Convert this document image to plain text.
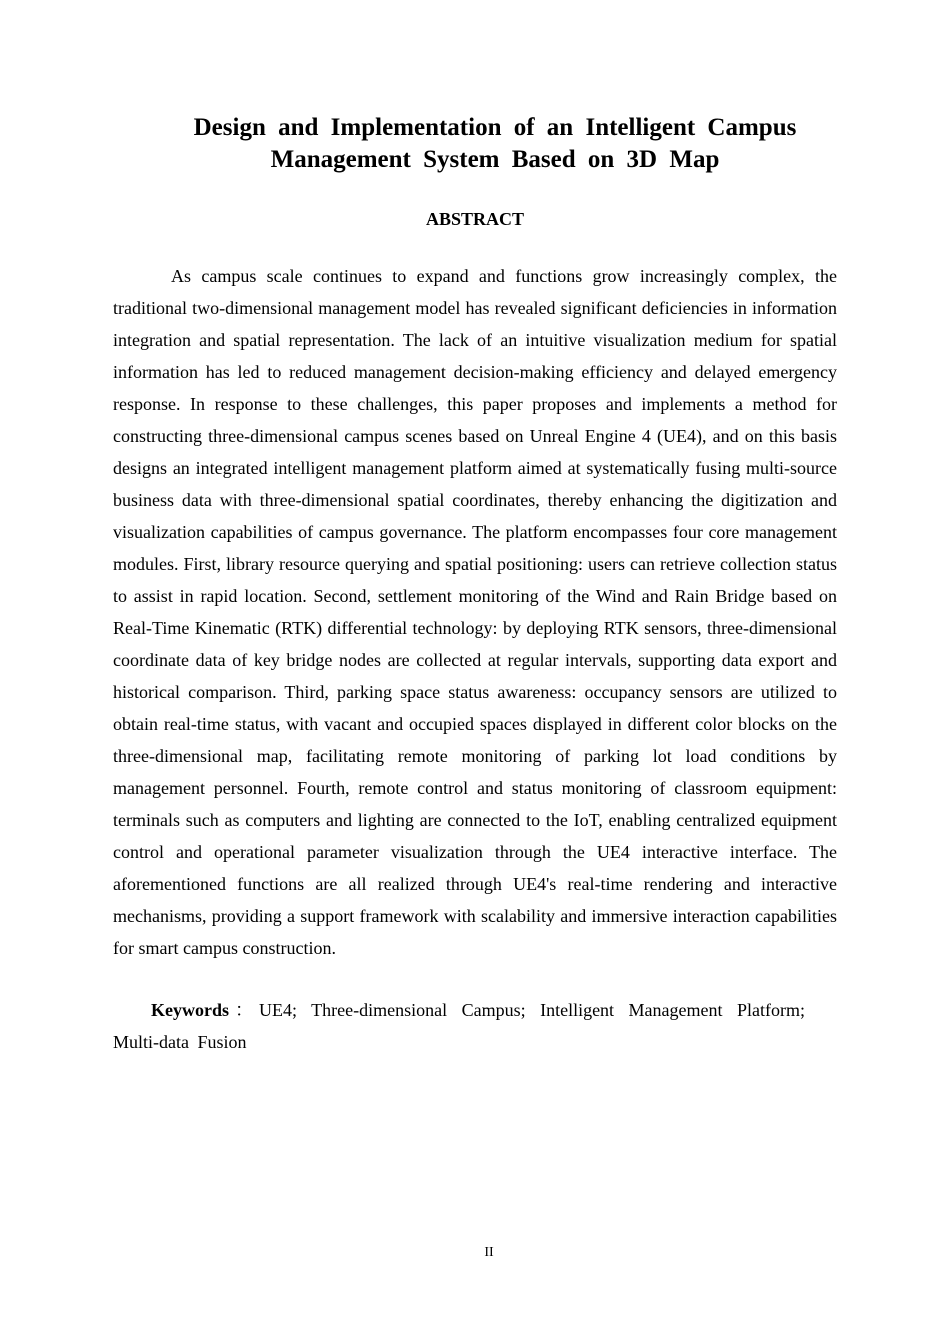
Design and Implementation of an Intelligent Campus
Management System Based on 3D Map
ABSTRACT

As campus scale continues to expand and functions grow increasingly complex, the traditional two-dimensional management model has revealed significant deficiencies in information integration and spatial representation. The lack of an intuitive visualization medium for spatial information has led to reduced management decision-making efficiency and delayed emergency response. In response to these challenges, this paper proposes and implements a method for constructing three-dimensional campus scenes based on Unreal Engine 4 (UE4), and on this basis designs an integrated intelligent management platform aimed at systematically fusing multi-source business data with three-dimensional spatial coordinates, thereby enhancing the digitization and visualization capabilities of campus governance. The platform encompasses four core management modules. First, library resource querying and spatial positioning: users can retrieve collection status to assist in rapid location. Second, settlement monitoring of the Wind and Rain Bridge based on Real-Time Kinematic (RTK) differential technology: by deploying RTK sensors, three-dimensional coordinate data of key bridge nodes are collected at regular intervals, supporting data export and historical comparison. Third, parking space status awareness: occupancy sensors are utilized to obtain real-time status, with vacant and occupied spaces displayed in different color blocks on the three-dimensional map, facilitating remote monitoring of parking lot load conditions by management personnel. Fourth, remote control and status monitoring of classroom equipment: terminals such as computers and lighting are connected to the IoT, enabling centralized equipment control and operational parameter visualization through the UE4 interactive interface. The aforementioned functions are all realized through UE4's real-time rendering and interactive mechanisms, providing a support framework with scalability and immersive interaction capabilities for smart campus construction.

Keywords：UE4; Three-dimensional Campus; Intelligent Management Platform; Multi-data Fusion

II
